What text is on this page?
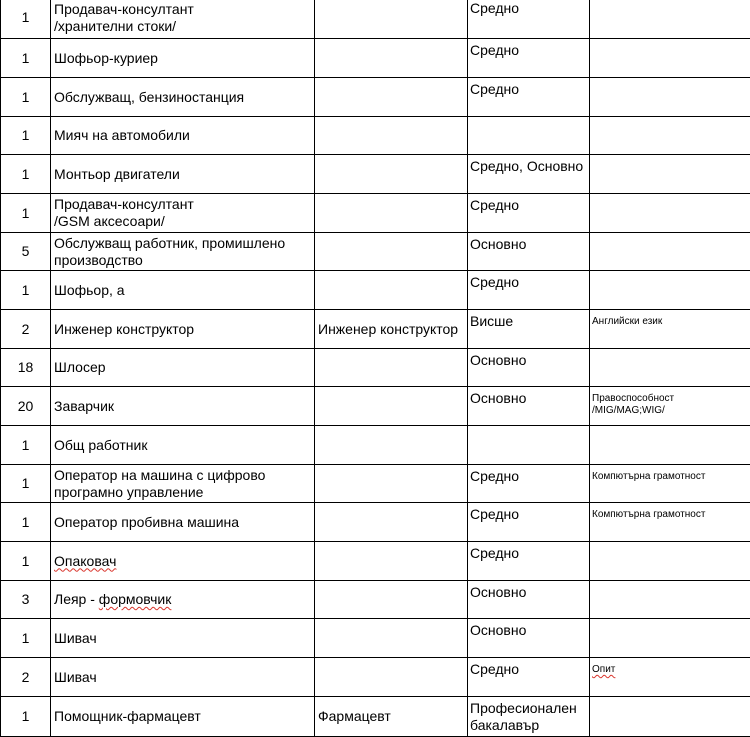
1	Продавач-консултант
/хранителни стоки/		Средно	
1	Шофьор-куриер		Средно	
1	Обслужващ, бензиностанция		Средно	
1	Мияч на автомобили			
1	Монтьор двигатели		Средно, Основно	
1	Продавач-консултант
/GSM аксесоари/		Средно	
5	Обслужващ работник, промишлено
производство		Основно	
1	Шофьор, а		Средно	
2	Инженер конструктор	Инженер конструктор	Висше	Английски език
18	Шлосер		Основно	
20	Заварчик		Основно	Правоспособност
/MIG/MAG;WIG/

1	Общ работник			
1	Оператор на машина с цифрово
програмно управление		Средно	Компютърна грамотност
1	Оператор пробивна машина		Средно	Компютърна грамотност
1	Опаковач		Средно	
3	Леяр - формовчик		Основно	
1	Шивач		Основно	
2	Шивач		Средно	Опит
1	Помощник-фармацевт	Фармацевт	Професионален
бакалавър	
